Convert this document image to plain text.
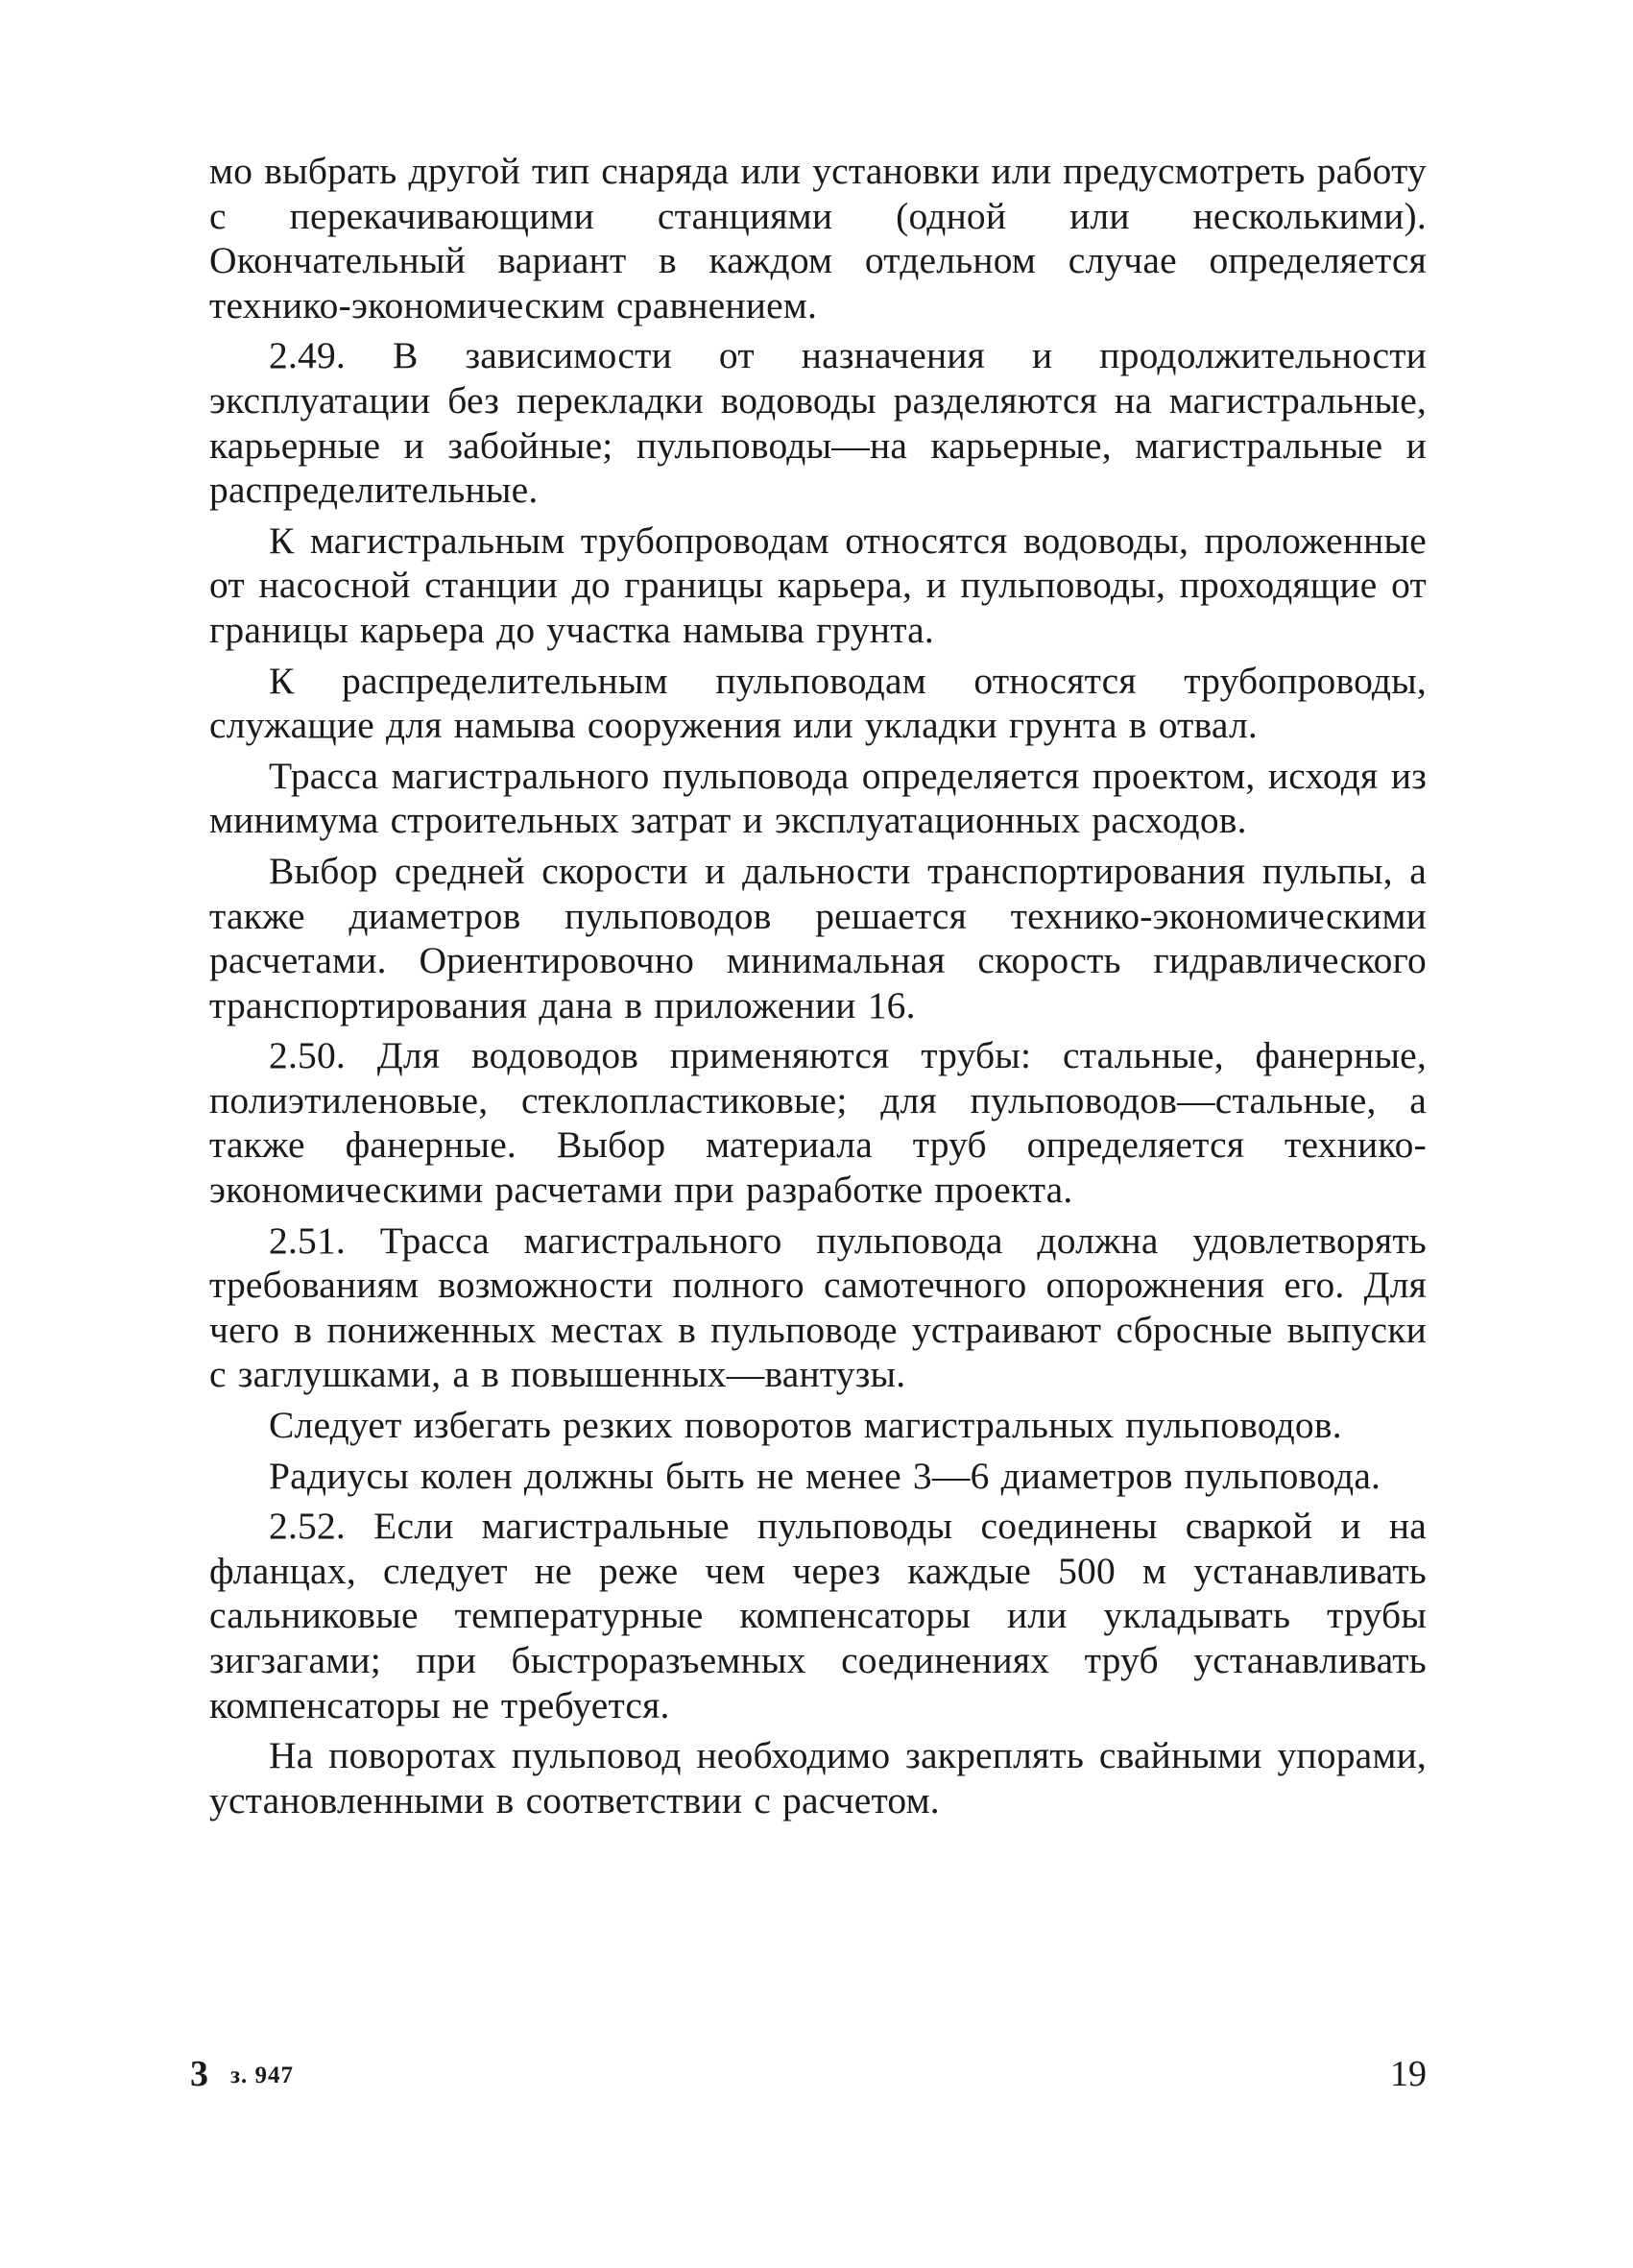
мо выбрать другой тип снаряда или установки или предусмотреть работу с перекачивающими станциями (одной или несколькими). Окончательный вариант в каждом отдельном случае определяется технико-экономическим сравнением.

2.49. В зависимости от назначения и продолжительности эксплуатации без перекладки водоводы разделяются на магистральные, карьерные и забойные; пульповоды—на карьерные, магистральные и распределительные.

К магистральным трубопроводам относятся водоводы, проложенные от насосной станции до границы карьера, и пульповоды, проходящие от границы карьера до участка намыва грунта.

К распределительным пульповодам относятся трубопроводы, служащие для намыва сооружения или укладки грунта в отвал.

Трасса магистрального пульповода определяется проектом, исходя из минимума строительных затрат и эксплуатационных расходов.

Выбор средней скорости и дальности транспортирования пульпы, а также диаметров пульповодов решается технико-экономическими расчетами. Ориентировочно минимальная скорость гидравлического транспортирования дана в приложении 16.

2.50. Для водоводов применяются трубы: стальные, фанерные, полиэтиленовые, стеклопластиковые; для пульповодов—стальные, а также фанерные. Выбор материала труб определяется технико-экономическими расчетами при разработке проекта.

2.51. Трасса магистрального пульповода должна удовлетворять требованиям возможности полного самотечного опорожнения его. Для чего в пониженных местах в пульповоде устраивают сбросные выпуски с заглушками, а в повышенных—вантузы.

Следует избегать резких поворотов магистральных пульповодов.

Радиусы колен должны быть не менее 3—6 диаметров пульповода.

2.52. Если магистральные пульповоды соединены сваркой и на фланцах, следует не реже чем через каждые 500 м устанавливать сальниковые температурные компенсаторы или укладывать трубы зигзагами; при быстроразъемных соединениях труб устанавливать компенсаторы не требуется.

На поворотах пульповод необходимо закреплять свайными упорами, установленными в соответствии с расчетом.

3 з. 947	19
